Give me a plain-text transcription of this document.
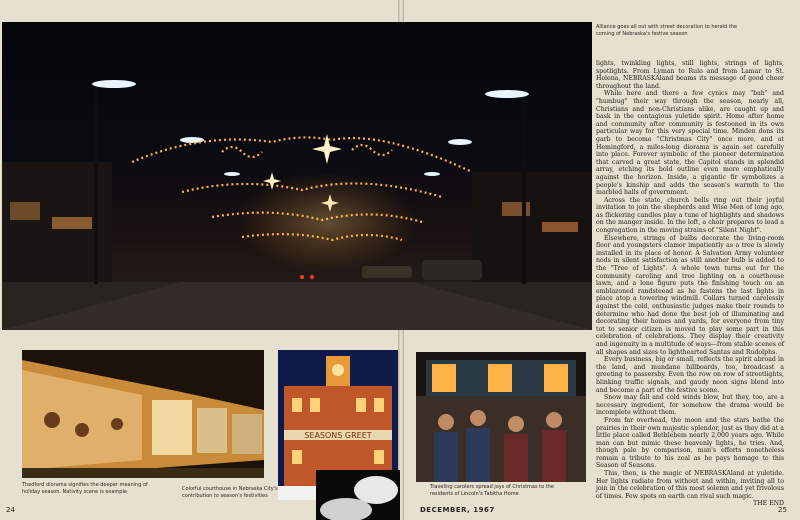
Alliance goes all out with street decoration to herald the coming of Nebraska's festive season

lights, twinkling lights, still lights, strings of lights, spotlights. From Lyman to Rulo and from Lamar to St. Helena, NEBRASKAland beams its message of good cheer throughout the land.

While here and there a few cynics may "bah" and "humbug" their way through the season, nearly all, Christians and non-Christians alike, are caught up and bask in the contagious yuletide spirit. Home after home and community after community is festooned in its own particular way for this very special time. Minden dons its garb to become "Christmas City" once more, and at Hemingford, a miles-long diorama is again set carefully into place. Forever symbolic of the pioneer determination that carved a great state, the Capitol stands in splendid array, etching its bold outline even more emphatically against the horizon. Inside, a gigantic fir symbolizes a people's kinship and adds the season's warmth to the marbled halls of government.

Across the state, church bells ring out their joyful invitation to join the shepherds and Wise Men of long ago, as flickering candles play a tune of highlights and shadows on the manger inside. In the loft, a choir prepares to lead a congregation in the moving strains of "Silent Night".

Elsewhere, strings of bulbs decorate the living-room floor and youngsters clamor impatiently as a tree is slowly installed in its place of honor. A Salvation Army volunteer nods in silent satisfaction as still another bulb is added to the "Tree of Lights". A whole town turns out for the community caroling and tree lighting on a courthouse lawn, and a lone figure puts the finishing touch on an emblazoned randsteead as he fastens the last lights in place atop a towering windmill. Collars turned carelessly against the cold, enthusiastic judges make their rounds to determine who had done the best job of illuminating and decorating their homes and yards, for everyone from tiny tot to senior citizen is moved to play some part in this celebration of celebrations. They display their creativity and ingenuity in a multitude of ways—from stable scenes of all shapes and sizes to lighthearted Santas and Rudolphs.

Every business, big or small, reflects the spirit abroad in the land, and mundane billboards, too, broadcast a greeting to passersby. Even the row on row of streetlights, blinking traffic signals, and gaudy neon signs blend into and become a part of the festive scene.

Snow may fall and cold winds blow, but they, too, are a necessary ingredient, for somehow the drama would be incomplete without them.

From far overhead, the moon and the stars bathe the prairies in their own majestic splendor, just as they did at a little place called Bethlehem nearly 2,000 years ago. While man can but mimic these heavenly lights, he tries. And, though pale by comparison, man's efforts nonetheless remain a tribute to his zeal as he pays homage to this Season of Seasons.

This, then, is the magic of NEBRASKAland at yuletide. Her lights radiate from without and within, inviting all to join in the celebration of this most solemn and yet frivolous of times. Few spots on earth can rival such magic.

THE END
Thedford diorama signifies the deeper meaning of holiday season. Nativity scene is example
SEASONS GREET
Colorful courthouse in Nebraska City's contribution to season's festivities
Traveling carolers spread joys of Christmas to the residents of Lincoln's Tabitha Home
24	DECEMBER, 1967	25
